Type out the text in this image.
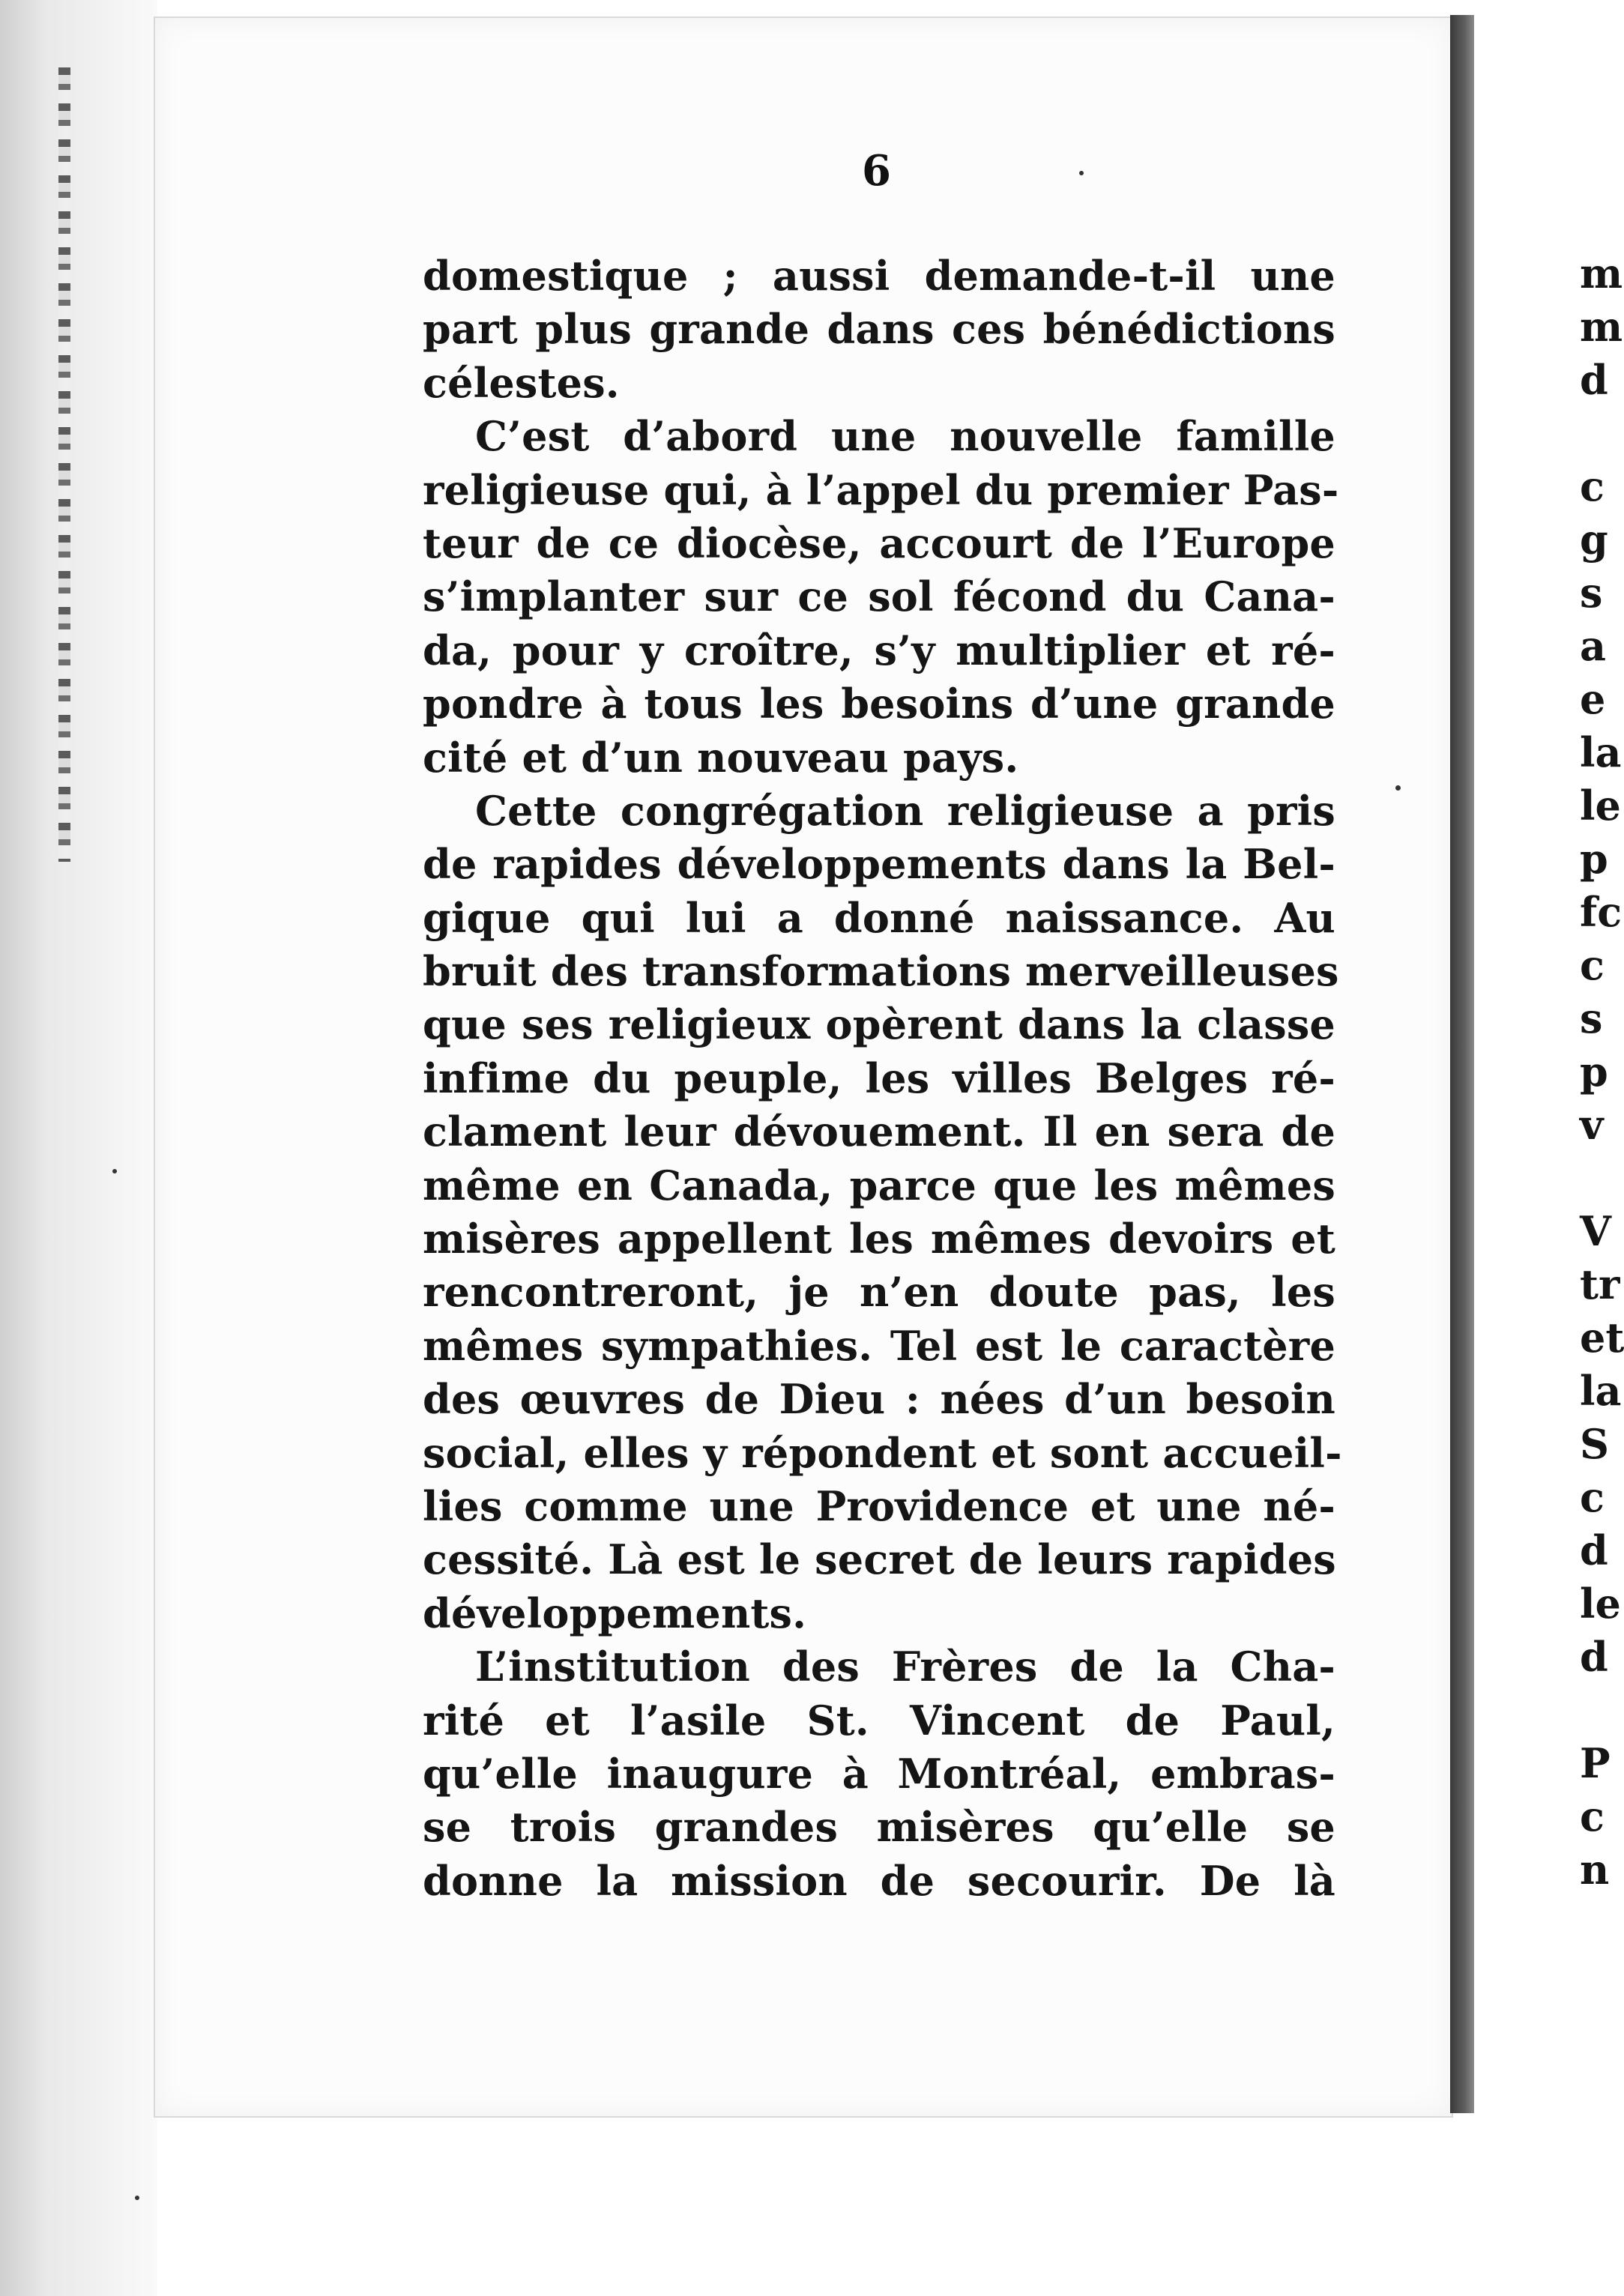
6
domestique ; aussi demande-t-il une
part plus grande dans ces bénédictions
célestes.
C’est d’abord une nouvelle famille
religieuse qui, à l’appel du premier Pas-
teur de ce diocèse, accourt de l’Europe
s’implanter sur ce sol fécond du Cana-
da, pour y croître, s’y multiplier et ré-
pondre à tous les besoins d’une grande
cité et d’un nouveau pays.
Cette congrégation religieuse a pris
de rapides développements dans la Bel-
gique qui lui a donné naissance. Au
bruit des transformations merveilleuses
que ses religieux opèrent dans la classe
infime du peuple, les villes Belges ré-
clament leur dévouement. Il en sera de
même en Canada, parce que les mêmes
misères appellent les mêmes devoirs et
rencontreront, je n’en doute pas, les
mêmes sympathies. Tel est le caractère
des œuvres de Dieu : nées d’un besoin
social, elles y répondent et sont accueil-
lies comme une Providence et une né-
cessité. Là est le secret de leurs rapides
développements.
L’institution des Frères de la Cha-
rité et l’asile St. Vincent de Paul,
qu’elle inaugure à Montréal, embras-
se trois grandes misères qu’elle se
donne la mission de secourir. De là
m
m
d
c
g
s
a
e
la
le
p
fc
c
s
p
v
V
tr
et
la
S
c
d
le
d
P
c
n
